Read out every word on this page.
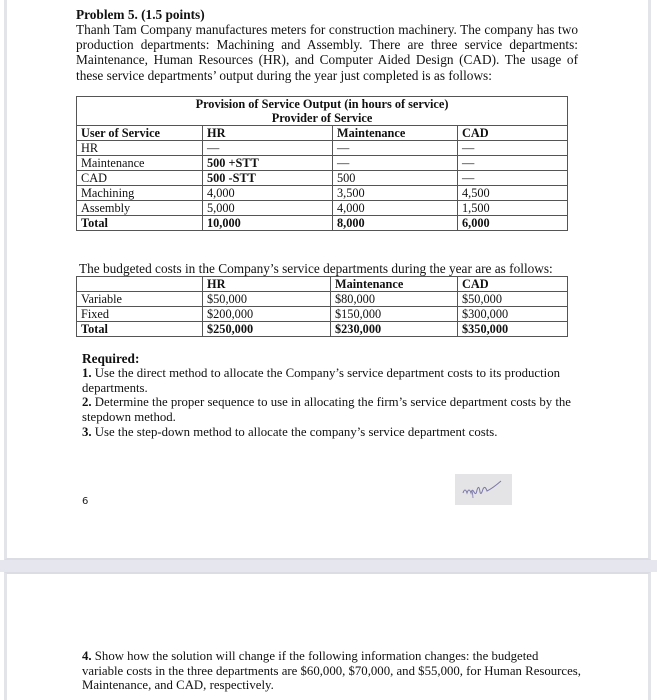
Problem 5. (1.5 points)
Thanh Tam Company manufactures meters for construction machinery. The company has two production departments: Machining and Assembly. There are three service departments: Maintenance, Human Resources (HR), and Computer Aided Design (CAD). The usage of these service departments’ output during the year just completed is as follows:
Provision of Service Output (in hours of service)
Provider of Service			

User of Service	HR	Maintenance	CAD
HR	—	—	—
Maintenance	500 +STT	—	—
CAD	500 -STT	500	—
Machining	4,000	3,500	4,500
Assembly	5,000	4,000	1,500
Total	10,000	8,000	6,000
The budgeted costs in the Company’s service departments during the year are as follows:
	HR	Maintenance	CAD
Variable	$50,000	$80,000	$50,000
Fixed	$200,000	$150,000	$300,000
Total	$250,000	$230,000	$350,000
Required:
1. Use the direct method to allocate the Company’s service department costs to its production departments.
2. Determine the proper sequence to use in allocating the firm’s service department costs by the stepdown method.
3. Use the step-down method to allocate the company’s service department costs.
6
4. Show how the solution will change if the following information changes: the budgeted variable costs in the three departments are $60,000, $70,000, and $55,000, for Human Resources, Maintenance, and CAD, respectively.
